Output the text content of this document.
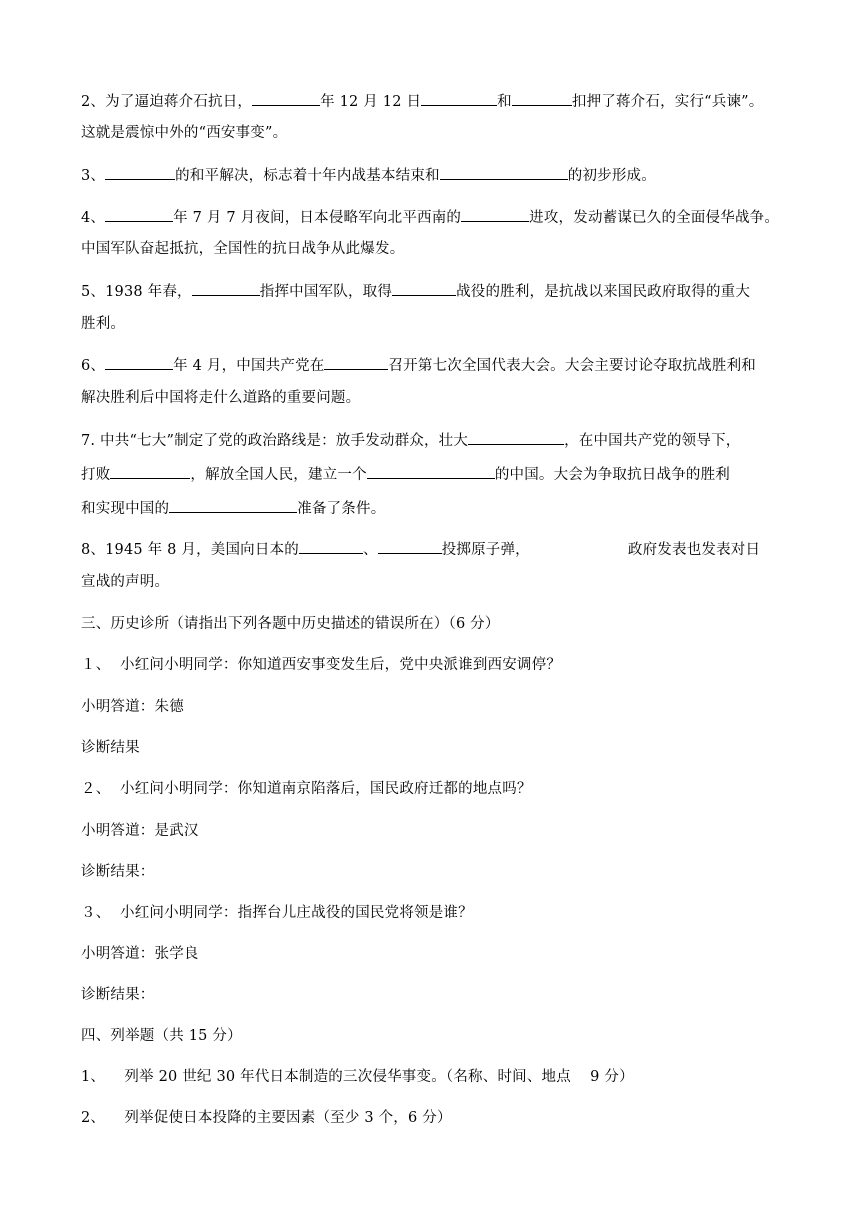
2、为了逼迫蒋介石抗日，	年 12 月 12 日	和	扣押了蒋介石，实行“兵谏”。
这就是震惊中外的“西安事变”。
3、	的和平解决，标志着十年内战基本结束和	的初步形成。
4、	年 7 月 7 月夜间，日本侵略军向北平西南的	进攻，发动蓄谋已久的全面侵华战争。
中国军队奋起抵抗，全国性的抗日战争从此爆发。
5、1938 年春，	指挥中国军队，取得	战役的胜利，是抗战以来国民政府取得的重大
胜利。
6、	年 4 月，中国共产党在	召开第七次全国代表大会。大会主要讨论夺取抗战胜利和
解决胜利后中国将走什么道路的重要问题。
7. 中共“七大”制定了党的政治路线是：放手发动群众，壮大	，在中国共产党的领导下，
打败	，解放全国人民，建立一个	的中国。大会为争取抗日战争的胜利
和实现中国的	准备了条件。
8、1945 年 8 月，美国向日本的	、	投掷原子弹，	政府发表也发表对日
宣战的声明。
三、历史诊所（请指出下列各题中历史描述的错误所在）（6 分）
１、  小红问小明同学：你知道西安事变发生后，党中央派谁到西安调停？
小明答道：朱德
诊断结果
２、  小红问小明同学：你知道南京陷落后，国民政府迁都的地点吗？
小明答道：是武汉
诊断结果：
３、  小红问小明同学：指挥台儿庄战役的国民党将领是谁？
小明答道：张学良
诊断结果：
四、列举题（共 15 分）
1、    列举 20 世纪 30 年代日本制造的三次侵华事变。（名称、时间、地点    9 分）
2、    列举促使日本投降的主要因素（至少 3 个，6 分）
